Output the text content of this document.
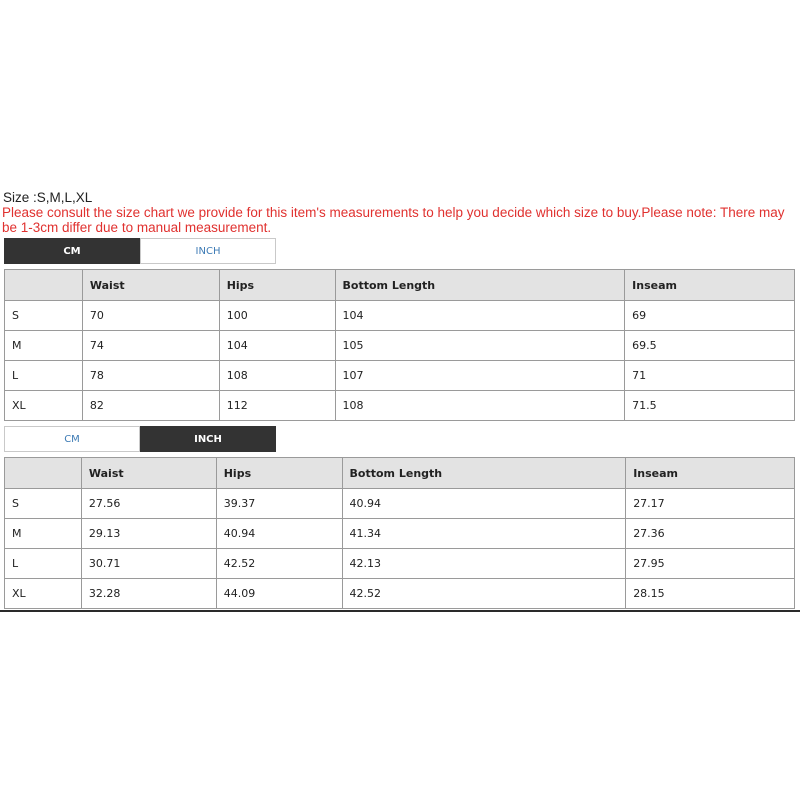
Size :S,M,L,XL
Please consult the size chart we provide for this item's measurements to help you decide which size to buy.Please note: There may be 1-3cm differ due to manual measurement.
CM	INCH
	Waist	Hips	Bottom Length	Inseam
S	70	100	104	69
M	74	104	105	69.5
L	78	108	107	71
XL	82	112	108	71.5
CM	INCH
	Waist	Hips	Bottom Length	Inseam
S	27.56	39.37	40.94	27.17
M	29.13	40.94	41.34	27.36
L	30.71	42.52	42.13	27.95
XL	32.28	44.09	42.52	28.15
